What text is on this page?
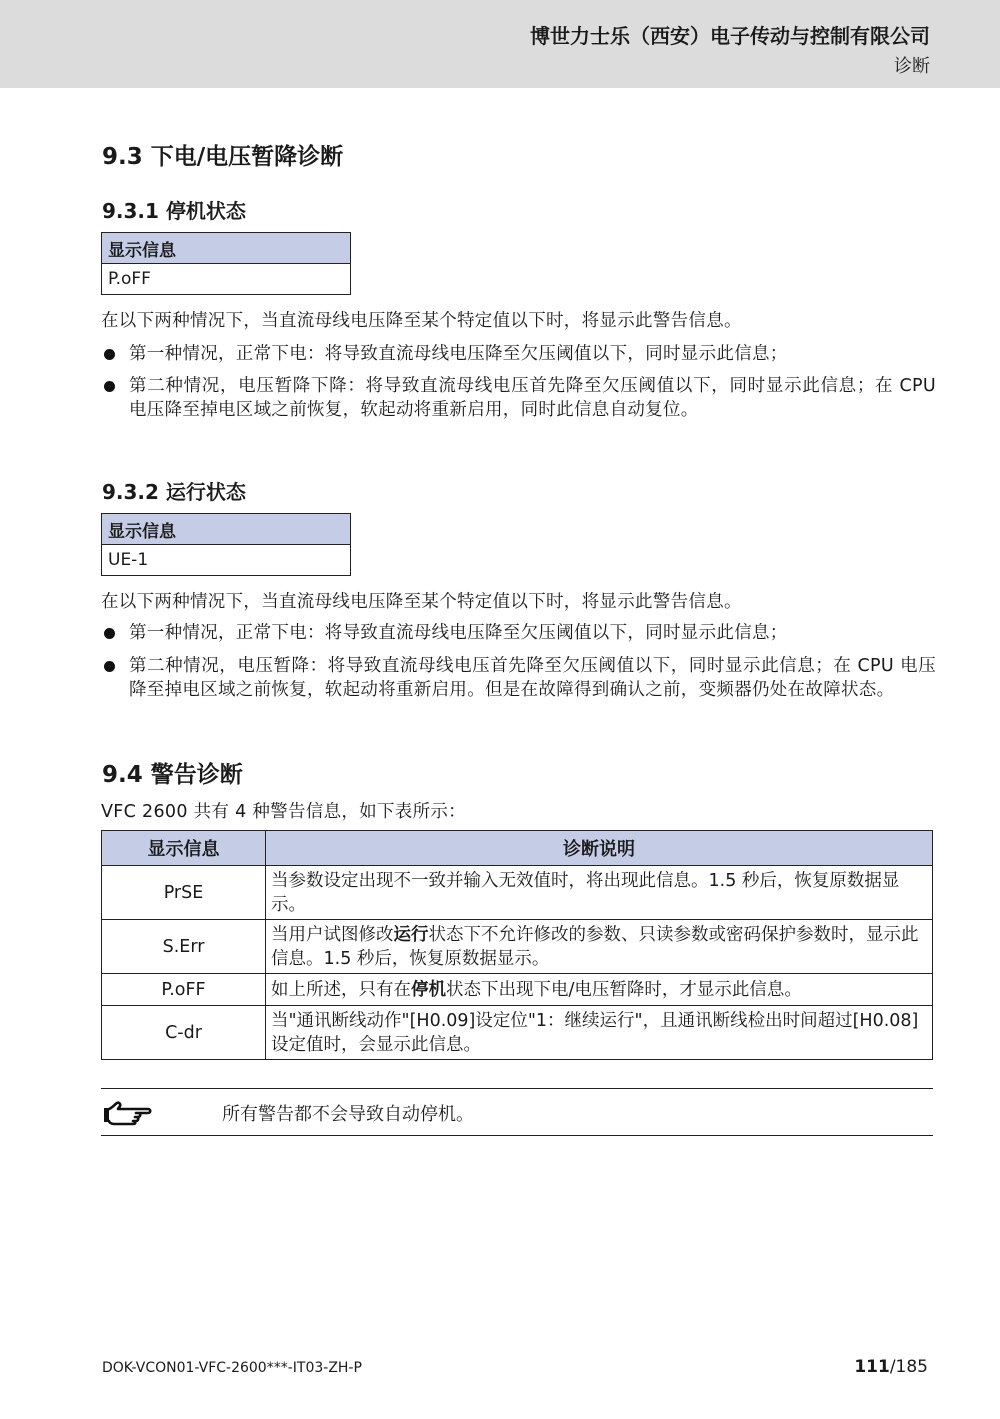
博世力士乐（西安）电子传动与控制有限公司
诊断
9.3 下电/电压暂降诊断
9.3.1 停机状态
显示信息
P.oFF
在以下两种情况下，当直流母线电压降至某个特定值以下时，将显示此警告信息。
第一种情况，正常下电：将导致直流母线电压降至欠压阈值以下，同时显示此信息；
第二种情况，电压暂降下降：将导致直流母线电压首先降至欠压阈值以下，同时显示此信息；在 CPU 电压降至掉电区域之前恢复，软起动将重新启用，同时此信息自动复位。
9.3.2 运行状态
显示信息
UE-1
在以下两种情况下，当直流母线电压降至某个特定值以下时，将显示此警告信息。
第一种情况，正常下电：将导致直流母线电压降至欠压阈值以下，同时显示此信息；
第二种情况，电压暂降：将导致直流母线电压首先降至欠压阈值以下，同时显示此信息；在 CPU 电压降至掉电区域之前恢复，软起动将重新启用。但是在故障得到确认之前，变频器仍处在故障状态。
9.4 警告诊断
VFC 2600 共有 4 种警告信息，如下表所示：
显示信息	诊断说明
PrSE	当参数设定出现不一致并输入无效值时，将出现此信息。1.5 秒后，恢复原数据显示。
S.Err	当用户试图修改运行状态下不允许修改的参数、只读参数或密码保护参数时，显示此信息。1.5 秒后，恢复原数据显示。
P.oFF	如上所述，只有在停机状态下出现下电/电压暂降时，才显示此信息。
C-dr	当"通讯断线动作"[H0.09]设定位"1：继续运行"，且通讯断线检出时间超过[H0.08]设定值时，会显示此信息。
所有警告都不会导致自动停机。
DOK-VCON01-VFC-2600***-IT03-ZH-P	111/185
